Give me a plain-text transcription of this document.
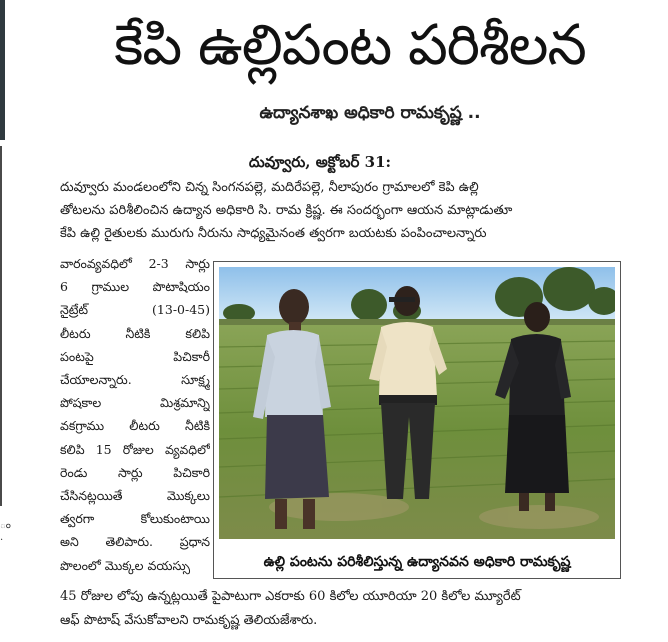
ం
.
కేపి ఉల్లిపంట పరిశీలన
ఉద్యానశాఖ అధికారి రామకృష్ణ ..
దువ్వూరు, అక్టోబర్ 31:
దువ్వూరు మండలంలోని చిన్న సింగనపల్లె, మదిరేపల్లె, నీలాపురం గ్రామాలలో కెపి ఉల్లి
తోటలను పరిశీలించిన ఉద్యాన అధికారి సి. రామ క్రిష్ణ. ఈ సందర్భంగా ఆయన మాట్లాడుతూ
కేపి ఉల్లి రైతులకు మురుగు నీరును సాధ్యమైనంత త్వరగా బయటకు పంపించాలన్నారు
వారంవ్యవధిలో 2-3 సార్లు
6 గ్రాముల పొటాషియం
నైట్రేట్ (13-0-45)
లీటరు నీటికి కలిపి
పంటపై పిచికారీ
చేయాలన్నారు. సూక్ష్మ
పోషకాల మిశ్రమాన్ని
వకగ్రాము లీటరు నీటికి
కలిపి 15 రోజుల వ్యవధిలో
రెండు సార్లు పిచికారి
చేసినట్లయితే మొక్కలు
త్వరగా కోలుకుంటాయి
అని తెలిపారు. ప్రధాన
పొలంలో మొక్కల వయస్సు	ఉల్లి పంటను పరిశీలిస్తున్న ఉద్యానవన అధికారి రామకృష్ణ
45 రోజుల లోపు ఉన్నట్లయితే పైపాటుగా ఎకరాకు 60 కిలోల యూరియా 20 కిలోల మ్యూరేట్
ఆఫ్ పొటాష్ వేసుకోవాలని రామకృష్ణ తెలియజేశారు.
